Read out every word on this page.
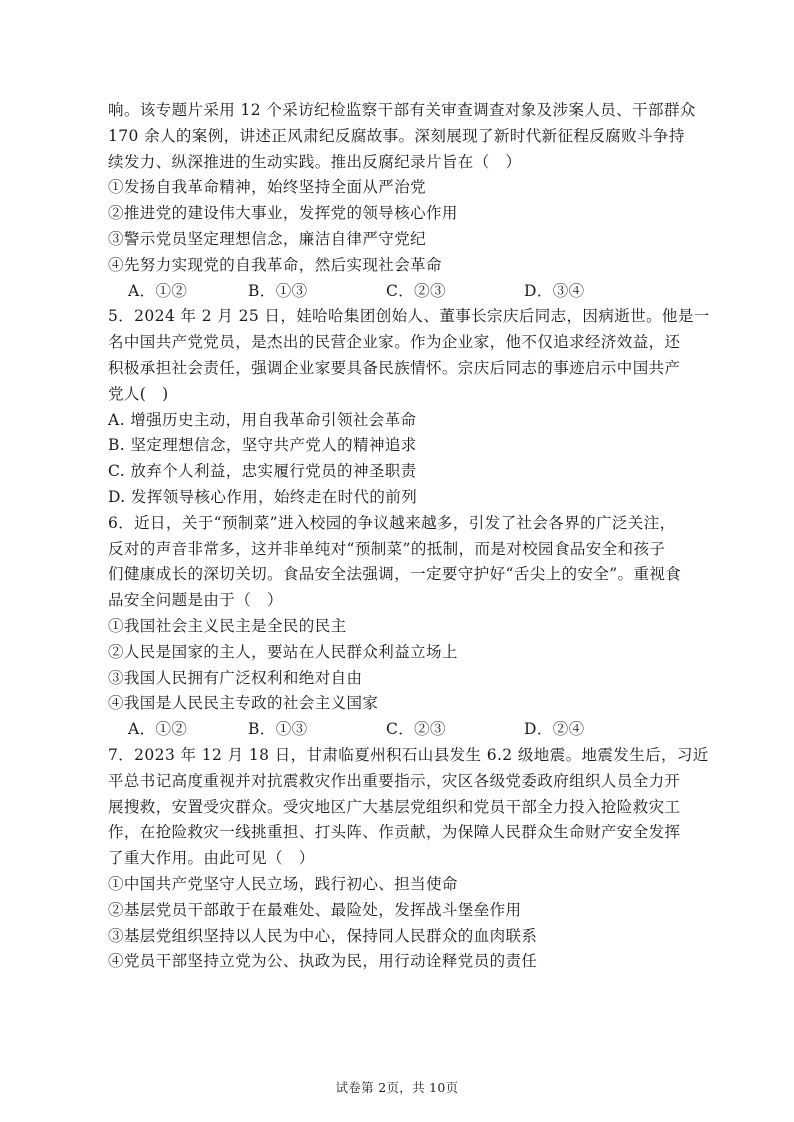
响。该专题片采用 12 个采访纪检监察干部有关审查调查对象及涉案人员、干部群众
170 余人的案例，讲述正风肃纪反腐故事。深刻展现了新时代新征程反腐败斗争持
续发力、纵深推进的生动实践。推出反腐纪录片旨在（　）
①发扬自我革命精神，始终坚持全面从严治党
②推进党的建设伟大事业，发挥党的领导核心作用
③警示党员坚定理想信念，廉洁自律严守党纪
④先努力实现党的自我革命，然后实现社会革命
A．①②	B．①③	C．②③	D．③④
5．2024 年 2 月 25 日，娃哈哈集团创始人、董事长宗庆后同志，因病逝世。他是一
名中国共产党党员，是杰出的民营企业家。作为企业家，他不仅追求经济效益，还
积极承担社会责任，强调企业家要具备民族情怀。宗庆后同志的事迹启示中国共产
党人(　)
A. 增强历史主动，用自我革命引领社会革命
B. 坚定理想信念，坚守共产党人的精神追求
C. 放弃个人利益，忠实履行党员的神圣职责
D. 发挥领导核心作用，始终走在时代的前列
6．近日，关于“预制菜”进入校园的争议越来越多，引发了社会各界的广泛关注，
反对的声音非常多，这并非单纯对“预制菜”的抵制，而是对校园食品安全和孩子
们健康成长的深切关切。食品安全法强调，一定要守护好“舌尖上的安全”。重视食
品安全问题是由于（　）
①我国社会主义民主是全民的民主
②人民是国家的主人，要站在人民群众利益立场上
③我国人民拥有广泛权利和绝对自由
④我国是人民民主专政的社会主义国家
A．①②	B．①③	C．②③	D．②④
7．2023 年 12 月 18 日，甘肃临夏州积石山县发生 6.2 级地震。地震发生后，习近
平总书记高度重视并对抗震救灾作出重要指示，灾区各级党委政府组织人员全力开
展搜救，安置受灾群众。受灾地区广大基层党组织和党员干部全力投入抢险救灾工
作，在抢险救灾一线挑重担、打头阵、作贡献，为保障人民群众生命财产安全发挥
了重大作用。由此可见（　）
①中国共产党坚守人民立场，践行初心、担当使命
②基层党员干部敢于在最难处、最险处，发挥战斗堡垒作用
③基层党组织坚持以人民为中心，保持同人民群众的血肉联系
④党员干部坚持立党为公、执政为民，用行动诠释党员的责任
试卷第 2页，共 10页
